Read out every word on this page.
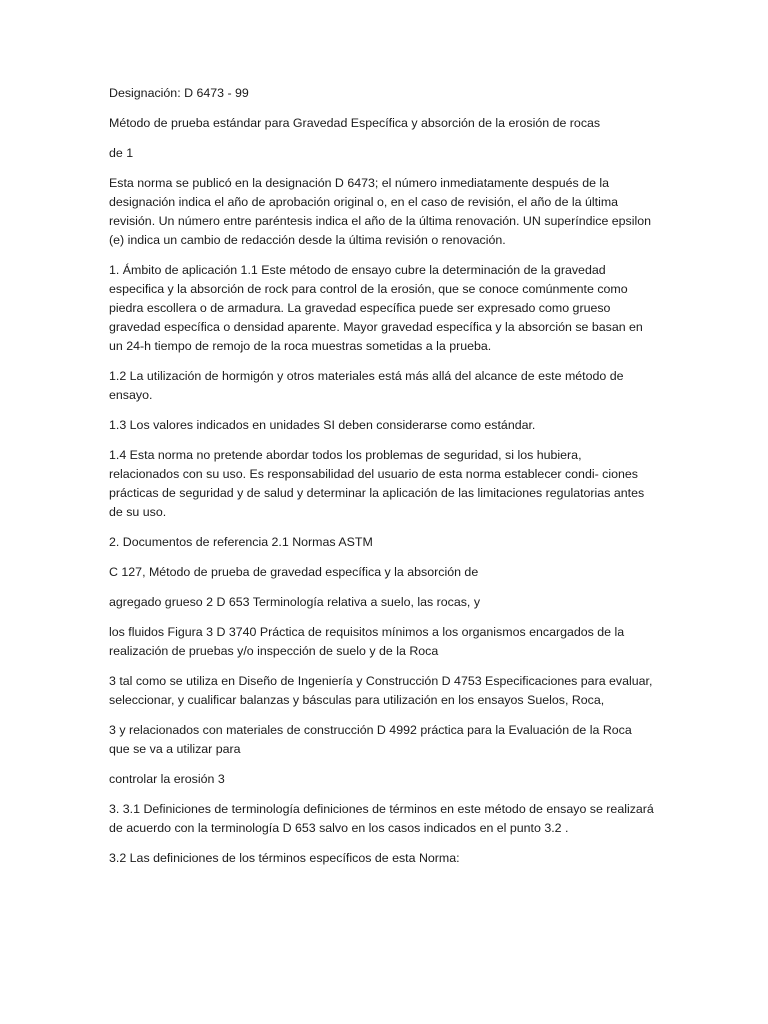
Designación: D 6473 - 99

Método de prueba estándar para Gravedad Específica y absorción de la erosión de rocas

de 1

Esta norma se publicó en la designación D 6473; el número inmediatamente después de la designación indica el año de aprobación original o, en el caso de revisión, el año de la última revisión. Un número entre paréntesis indica el año de la última renovación. UN superíndice epsilon (e) indica un cambio de redacción desde la última revisión o renovación.

1. Ámbito de aplicación 1.1 Este método de ensayo cubre la determinación de la gravedad especifica y la absorción de rock para control de la erosión, que se conoce comúnmente como piedra escollera o de armadura. La gravedad específica puede ser expresado como grueso gravedad específica o densidad aparente. Mayor gravedad específica y la absorción se basan en un 24-h tiempo de remojo de la roca muestras sometidas a la prueba.

1.2 La utilización de hormigón y otros materiales está más allá del alcance de este método de ensayo.

1.3 Los valores indicados en unidades SI deben considerarse como estándar.

1.4 Esta norma no pretende abordar todos los problemas de seguridad, si los hubiera, relacionados con su uso. Es responsabilidad del usuario de esta norma establecer condi- ciones prácticas de seguridad y de salud y determinar la aplicación de las limitaciones regulatorias antes de su uso.

2. Documentos de referencia 2.1 Normas ASTM

C 127, Método de prueba de gravedad específica y la absorción de

agregado grueso 2 D 653 Terminología relativa a suelo, las rocas, y

los fluidos Figura 3 D 3740 Práctica de requisitos mínimos a los organismos encargados de la realización de pruebas y/o inspección de suelo y de la Roca

3 tal como se utiliza en Diseño de Ingeniería y Construcción D 4753 Especificaciones para evaluar, seleccionar, y cualificar balanzas y básculas para utilización en los ensayos Suelos, Roca,

3 y relacionados con materiales de construcción D 4992 práctica para la Evaluación de la Roca que se va a utilizar para

controlar la erosión 3

3. 3.1 Definiciones de terminología definiciones de términos en este método de ensayo se realizará de acuerdo con la terminología D 653 salvo en los casos indicados en el punto 3.2 .

3.2 Las definiciones de los términos específicos de esta Norma:
